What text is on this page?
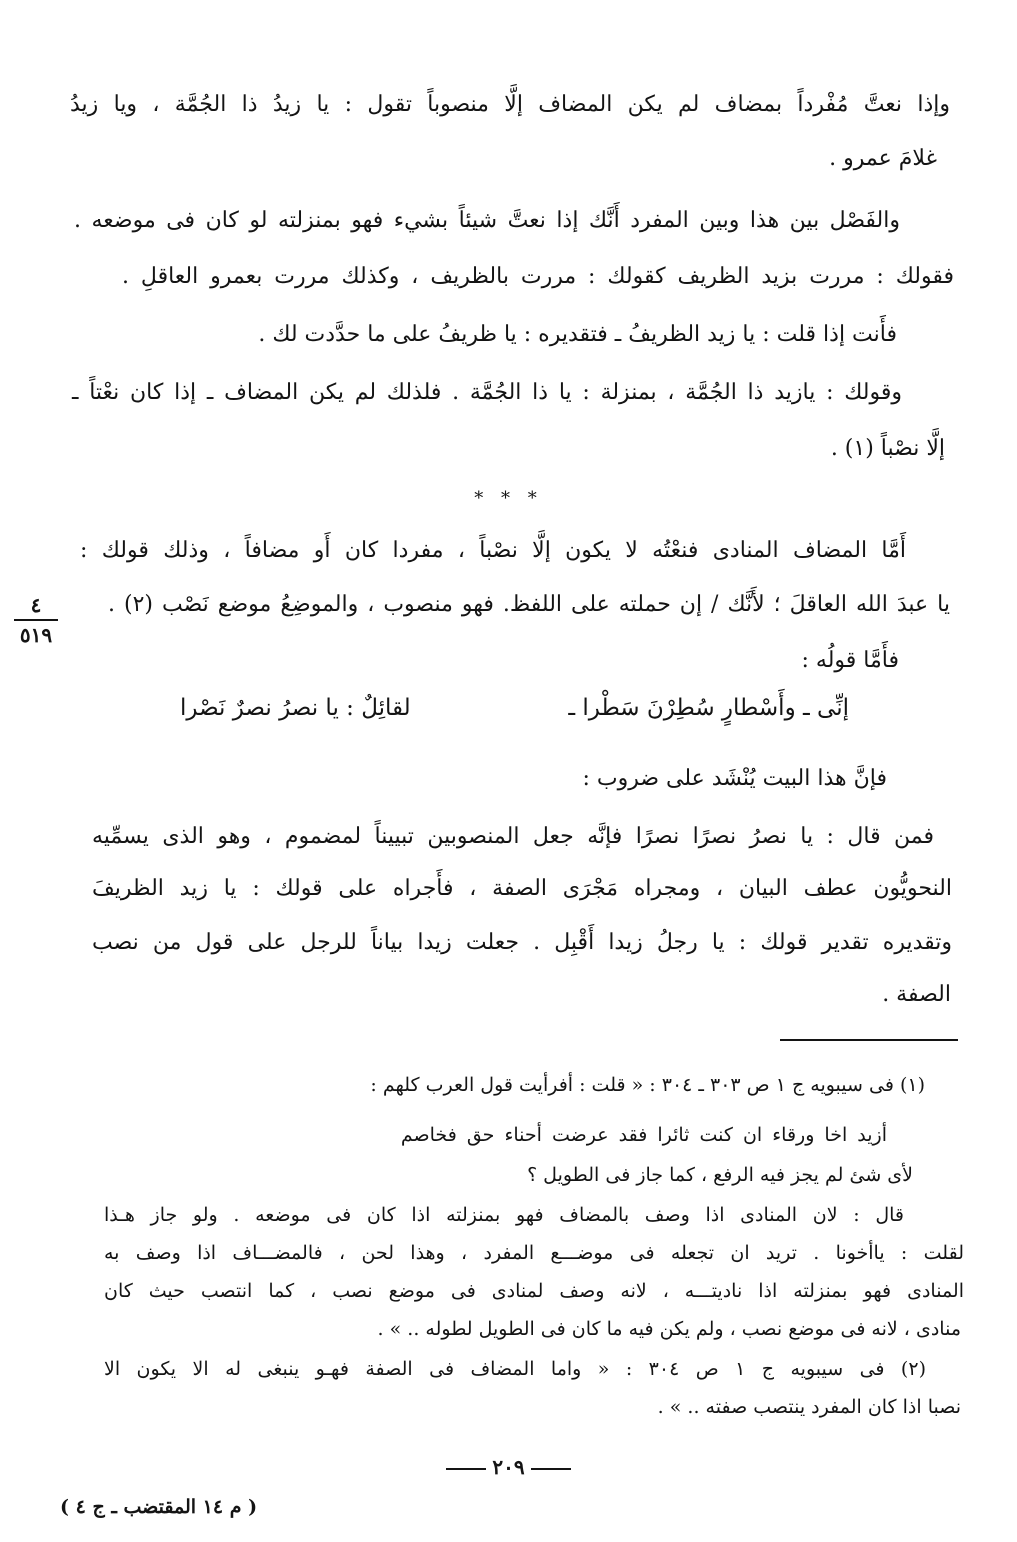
وإذا نعتَّ مُفْرداً بمضاف لم يكن المضاف إلَّا منصوباً تقول : يا زيدُ ذا الجُمَّة ، ويا زيدُ
غلامَ عمرو .
والفَصْل بين هذا وبين المفرد أَنَّك إذا نعتَّ شيئاً بشيء فهو بمنزلته لو كان فى موضعه .
فقولك : مررت بزيد الظريف كقولك : مررت بالظريف ، وكذلك مررت بعمرو العاقلِ .
فأَنت إذا قلت : يا زيد الظريفُ ـ فتقديره : يا ظريفُ على ما حدَّدت لك .
وقولك : يازيد ذا الجُمَّة ، بمنزلة : يا ذا الجُمَّة . فلذلك لم يكن المضاف ـ إذا كان نعْتاً ـ
إلَّا نصْباً (١) .
* * *
أَمَّا المضاف المنادى فنعْتُه لا يكون إلَّا نصْباً ، مفردا كان أَو مضافاً ، وذلك قولك :
يا عبدَ الله العاقلَ ؛ لأَنَّك / إن حملته على اللفظ. فهو منصوب ، والموضِعُ موضع نَصْب (٢) .
٤
٥١٩
فأَمَّا قولُه :
إنِّى ـ وأَسْطارٍ سُطِرْنَ سَطْرا ـ
لقائِلٌ : يا نصرُ نصرٌ نَصْرا
فإنَّ هذا البيت يُنْشَد على ضروب :
فمن قال : يا نصرُ نصرًا نصرًا فإنَّه جعل المنصوبين تبييناً لمضموم ، وهو الذى يسمِّيه
النحويُّون عطف البيان ، ومجراه مَجْرَى الصفة ، فأَجراه على قولك : يا زيد الظريفَ
وتقديره تقدير قولك : يا رجلُ زيدا أَقْبِل . جعلت زيدا بياناً للرجل على قول من نصب
الصفة .
(١) فى سيبويه ج ١ ص ٣٠٣ ـ ٣٠٤ : « قلت : أفرأيت قول العرب كلهم :
أزيد اخا ورقاء ان كنت ثائرا فقد عرضت أحناء حق فخاصم
لأى شئ لم يجز فيه الرفع ، كما جاز فى الطويل ؟
قال : لان المنادى اذا وصف بالمضاف فهو بمنزلته اذا كان فى موضعه . ولو جاز هـذا
لقلت : ياأخونا . تريد ان تجعله فى موضـــع المفرد ، وهذا لحن ، فالمضـــاف اذا وصف به
المنادى فهو بمنزلته اذا ناديتـــه ، لانه وصف لمنادى فى موضع نصب ، كما انتصب حيث كان
منادى ، لانه فى موضع نصب ، ولم يكن فيه ما كان فى الطويل لطوله .. » .
(٢) فى سيبويه ج ١ ص ٣٠٤ : « واما المضاف فى الصفة فهـو ينبغى له الا يكون الا
نصبا اذا كان المفرد ينتصب صفته .. » .
٢٠٩
( م ١٤ المقتضب ـ ج ٤ )
